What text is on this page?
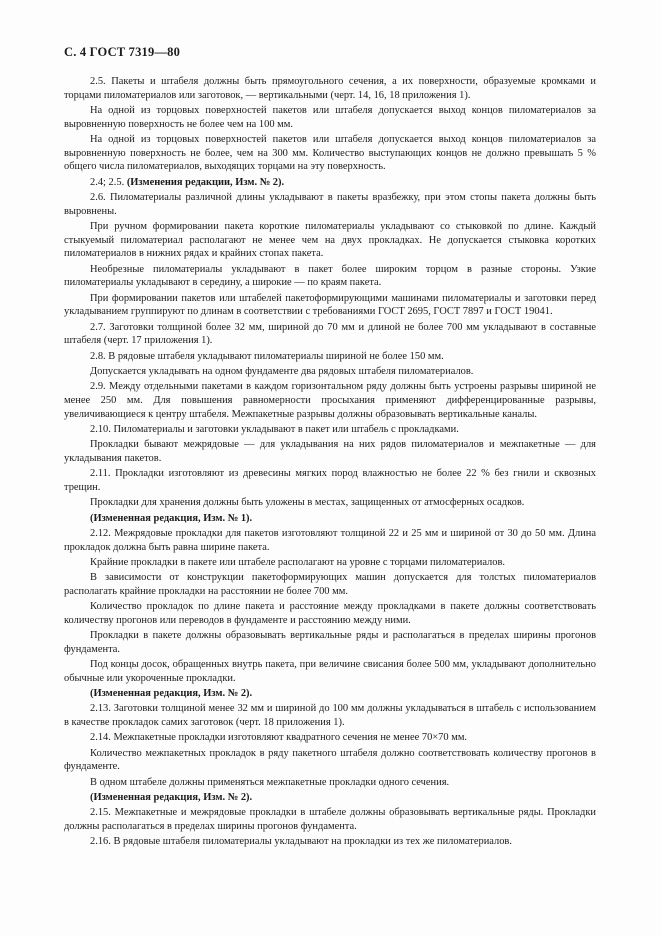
С. 4 ГОСТ 7319—80

2.5. Пакеты и штабеля должны быть прямоугольного сечения, а их поверхности, образуемые кромками и торцами пиломатериалов или заготовок, — вертикальными (черт. 14, 16, 18 приложения 1).

На одной из торцовых поверхностей пакетов или штабеля допускается выход концов пиломатериалов за выровненную поверхность не более чем на 100 мм.

На одной из торцовых поверхностей пакетов или штабеля допускается выход концов пиломатериалов за выровненную поверхность не более, чем на 300 мм. Количество выступающих концов не должно превышать 5 % общего числа пиломатериалов, выходящих торцами на эту поверхность.

2.4; 2.5. (Изменения редакции, Изм. № 2).

2.6. Пиломатериалы различной длины укладывают в пакеты вразбежку, при этом стопы пакета должны быть выровнены.

При ручном формировании пакета короткие пиломатериалы укладывают со стыковкой по длине. Каждый стыкуемый пиломатериал располагают не менее чем на двух прокладках. Не допускается стыковка коротких пиломатериалов в нижних рядах и крайних стопах пакета.

Необрезные пиломатериалы укладывают в пакет более широким торцом в разные стороны. Узкие пиломатериалы укладывают в середину, а широкие — по краям пакета.

При формировании пакетов или штабелей пакетоформирующими машинами пиломатериалы и заготовки перед укладыванием группируют по длинам в соответствии с требованиями ГОСТ 2695, ГОСТ 7897 и ГОСТ 19041.

2.7. Заготовки толщиной более 32 мм, шириной до 70 мм и длиной не более 700 мм укладывают в составные штабеля (черт. 17 приложения 1).

2.8. В рядовые штабеля укладывают пиломатериалы шириной не более 150 мм.

Допускается укладывать на одном фундаменте два рядовых штабеля пиломатериалов.

2.9. Между отдельными пакетами в каждом горизонтальном ряду должны быть устроены разрывы шириной не менее 250 мм. Для повышения равномерности просыхания применяют дифференцированные разрывы, увеличивающиеся к центру штабеля. Межпакетные разрывы должны образовывать вертикальные каналы.

2.10. Пиломатериалы и заготовки укладывают в пакет или штабель с прокладками.

Прокладки бывают межрядовые — для укладывания на них рядов пиломатериалов и межпакетные — для укладывания пакетов.

2.11. Прокладки изготовляют из древесины мягких пород влажностью не более 22 % без гнили и сквозных трещин.

Прокладки для хранения должны быть уложены в местах, защищенных от атмосферных осадков.

(Измененная редакция, Изм. № 1).

2.12. Межрядовые прокладки для пакетов изготовляют толщиной 22 и 25 мм и шириной от 30 до 50 мм. Длина прокладок должна быть равна ширине пакета.

Крайние прокладки в пакете или штабеле располагают на уровне с торцами пиломатериалов.

В зависимости от конструкции пакетоформирующих машин допускается для толстых пиломатериалов располагать крайние прокладки на расстоянии не более 700 мм.

Количество прокладок по длине пакета и расстояние между прокладками в пакете должны соответствовать количеству прогонов или переводов в фундаменте и расстоянию между ними.

Прокладки в пакете должны образовывать вертикальные ряды и располагаться в пределах ширины прогонов фундамента.

Под концы досок, обращенных внутрь пакета, при величине свисания более 500 мм, укладывают дополнительно обычные или укороченные прокладки.

(Измененная редакция, Изм. № 2).

2.13. Заготовки толщиной менее 32 мм и шириной до 100 мм должны укладываться в штабель с использованием в качестве прокладок самих заготовок (черт. 18 приложения 1).

2.14. Межпакетные прокладки изготовляют квадратного сечения не менее 70×70 мм.

Количество межпакетных прокладок в ряду пакетного штабеля должно соответствовать количеству прогонов в фундаменте.

В одном штабеле должны применяться межпакетные прокладки одного сечения.

(Измененная редакция, Изм. № 2).

2.15. Межпакетные и межрядовые прокладки в штабеле должны образовывать вертикальные ряды. Прокладки должны располагаться в пределах ширины прогонов фундамента.

2.16. В рядовые штабеля пиломатериалы укладывают на прокладки из тех же пиломатериалов.
